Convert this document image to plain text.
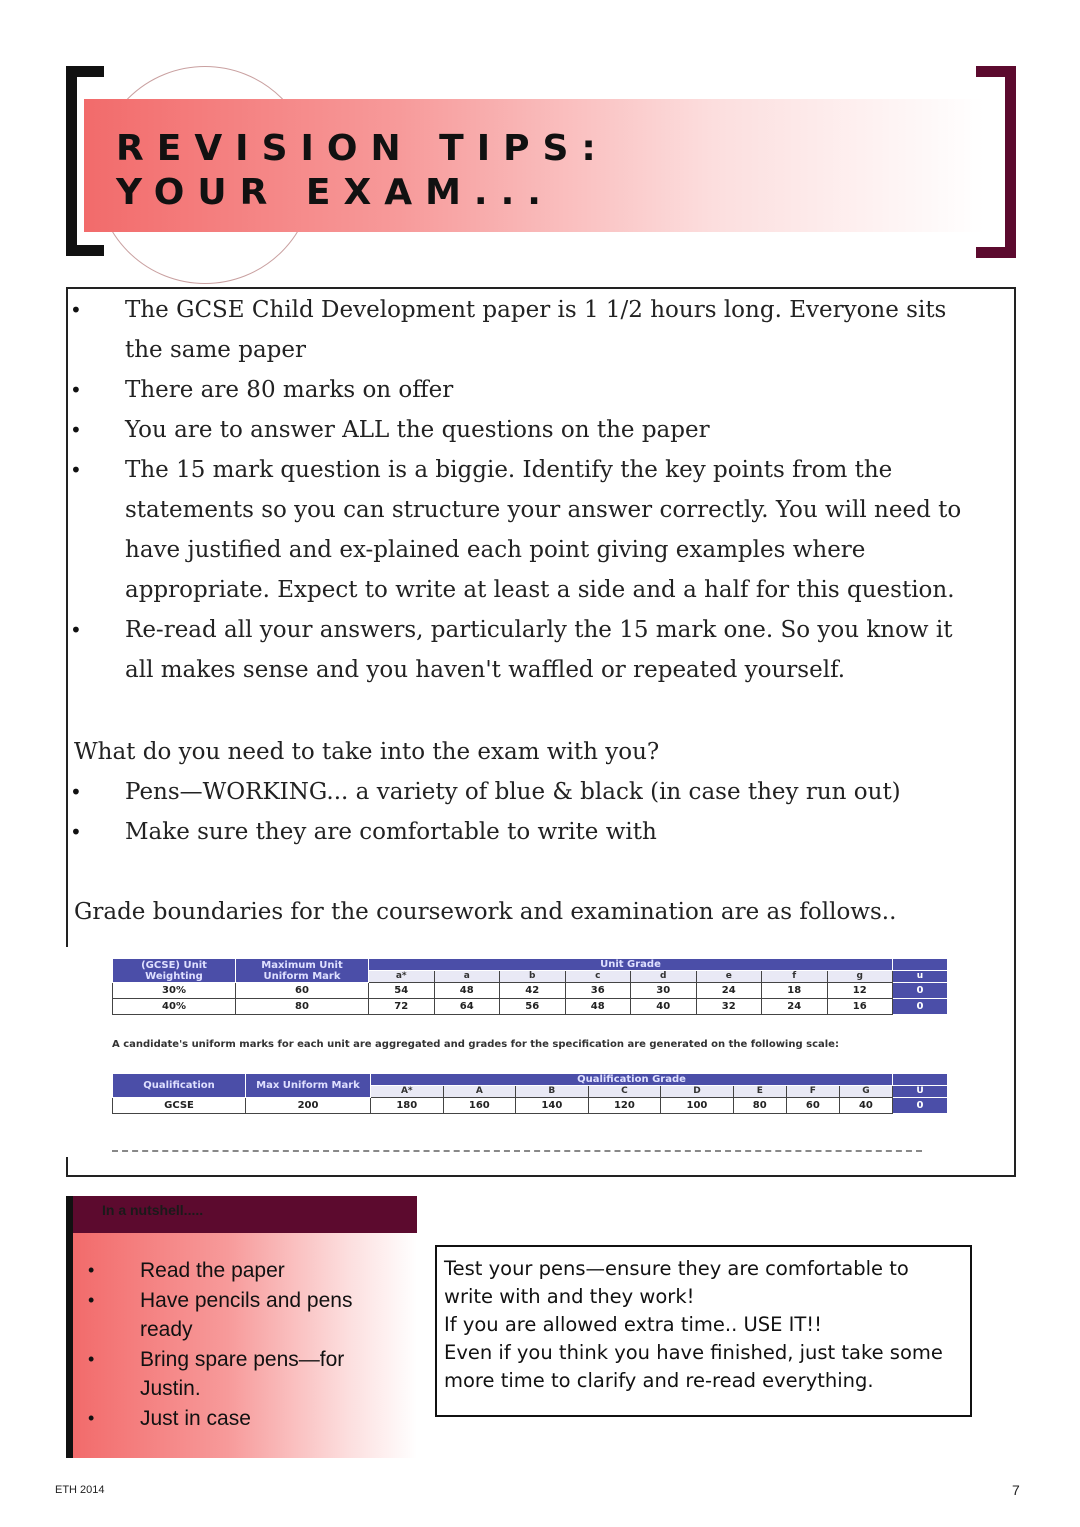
REVISION TIPS:
YOUR EXAM...
• The GCSE Child Development paper is 1 1/2 hours long. Everyone sits the same paper
• There are 80 marks on offer
• You are to answer ALL the questions on the paper
• The 15 mark question is a biggie. Identify the key points from the statements so you can structure your answer correctly. You will need to have justified and ex-plained each point giving examples where appropriate. Expect to write at least a side and a half for this question.
• Re-read all your answers, particularly the 15 mark one. So you know it all makes sense and you haven't waffled or repeated yourself.

What do you need to take into the exam with you?

• Pens—WORKING... a variety of blue & black (in case they run out)
• Make sure they are comfortable to write with

Grade boundaries for the coursework and examination are as follows..

(GCSE) Unit Weighting	Maximum Unit Uniform Mark	Unit Grade								
		a*	a	b	c	d	e	f	g	u
30%	60	54	48	42	36	30	24	18	12	0
40%	80	72	64	56	48	40	32	24	16	0

A candidate's uniform marks for each unit are aggregated and grades for the specification are generated on the following scale:

Qualification	Max Uniform Mark	Qualification Grade								
		A*	A	B	C	D	E	F	G	U
GCSE	200	180	160	140	120	100	80	60	40	0

In a nutshell.....

• Read the paper
• Have pencils and pens ready
• Bring spare pens—for Justin.
• Just in case

Test your pens—ensure they are comfortable to write with and they work!

If you are allowed extra time.. USE IT!!

Even if you think you have finished, just take some more time to clarify and re-read everything.

ETH 2014	7
